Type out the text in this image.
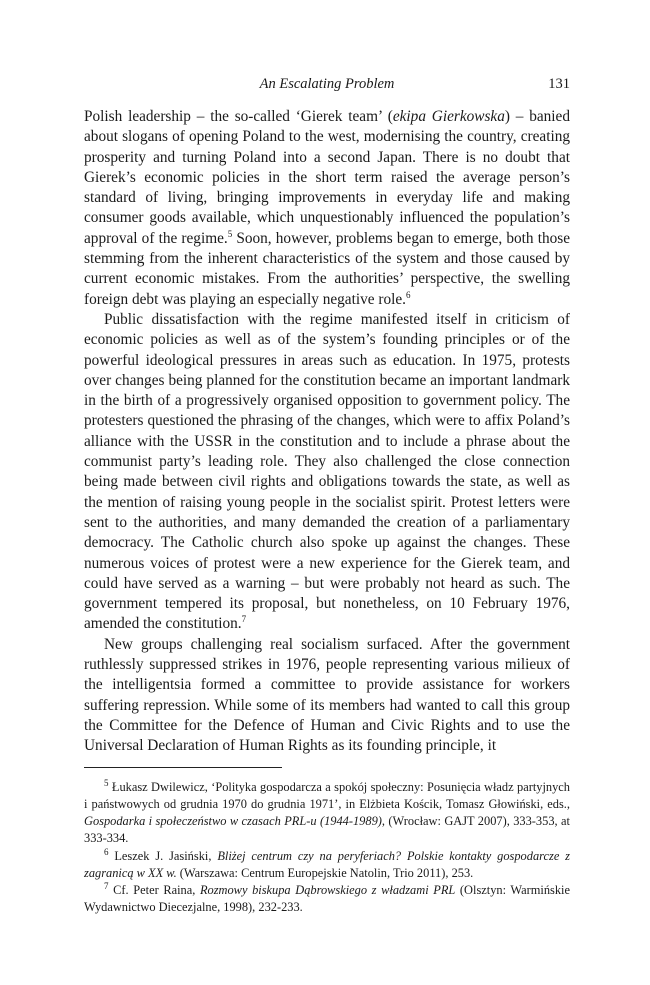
An Escalating Problem	131

Polish leadership – the so-called ‘Gierek team’ (ekipa Gierkowska) – banied about slogans of opening Poland to the west, modernising the country, creating prosperity and turning Poland into a second Japan. There is no doubt that Gierek’s economic policies in the short term raised the average person’s standard of living, bringing improvements in everyday life and making consumer goods available, which unquestionably influenced the population’s approval of the regime.$^5$ Soon, however, problems began to emerge, both those stemming from the inherent characteristics of the system and those caused by current economic mistakes. From the authorities’ perspective, the swelling foreign debt was playing an especially negative role.$^6$

Public dissatisfaction with the regime manifested itself in criticism of economic policies as well as of the system’s founding principles or of the powerful ideological pressures in areas such as education. In 1975, protests over changes being planned for the constitution became an important landmark in the birth of a progressively organised opposition to government policy. The protesters questioned the phrasing of the changes, which were to affix Poland’s alliance with the USSR in the constitution and to include a phrase about the communist party’s leading role. They also challenged the close connection being made between civil rights and obligations towards the state, as well as the mention of raising young people in the socialist spirit. Protest letters were sent to the authorities, and many demanded the creation of a parliamentary democracy. The Catholic church also spoke up against the changes. These numerous voices of protest were a new experience for the Gierek team, and could have served as a warning – but were probably not heard as such. The government tempered its proposal, but nonetheless, on 10 February 1976, amended the constitution.$^7$

New groups challenging real socialism surfaced. After the government ruthlessly suppressed strikes in 1976, people representing various milieux of the intelligentsia formed a committee to provide assistance for workers suffering repression. While some of its members had wanted to call this group the Committee for the Defence of Human and Civic Rights and to use the Universal Declaration of Human Rights as its founding principle, it

$^5$ Łukasz Dwilewicz, ‘Polityka gospodarcza a spokój społeczny: Posunięcia władz partyjnych i państwowych od grudnia 1970 do grudnia 1971’, in Elżbieta Kościk, Tomasz Głowiński, eds., Gospodarka i społeczeństwo w czasach PRL-u (1944-1989), (Wrocław: GAJT 2007), 333-353, at 333-334.

$^6$ Leszek J. Jasiński, Bliżej centrum czy na peryferiach? Polskie kontakty gospodarcze z zagranicą w XX w. (Warszawa: Centrum Europejskie Natolin, Trio 2011), 253.

$^7$ Cf. Peter Raina, Rozmowy biskupa Dąbrowskiego z władzami PRL (Olsztyn: Warmińskie Wydawnictwo Diecezjalne, 1998), 232-233.
